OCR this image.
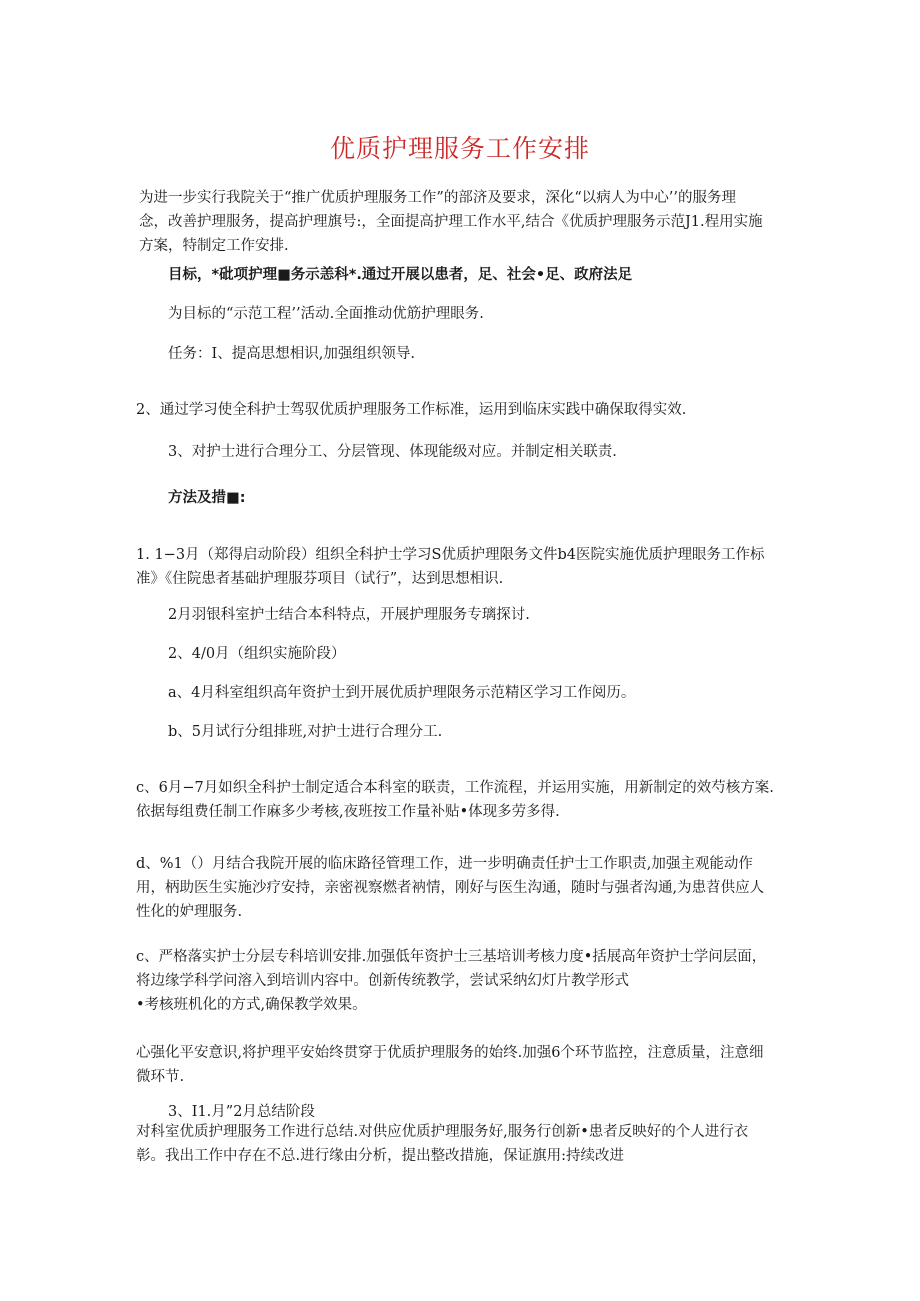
优质护理服务工作安排
为进一步实行我院关于“推广优质护理服务工作”的部济及要求，深化“以病人为中心’’的服务理
念，改善护理服务，提高护理旗号:，全面提高护理工作水平,结合《优质护理服务示范J1.程用实施
方案，特制定工作安排.
目标，*砒项护理■务示恙科*.通过开展以患者，足、社会•足、政府法足
为目标的“示范工程’’活动.全面推动优筋护理眼务.
任务：I、提高思想相识,加强组织领导.
2、通过学习使全科护士驾驭优质护理服务工作标准，运用到临床实践中确保取得实效.
3、对护士进行合理分工、分层管现、体现能级对应。并制定相关联责.
方法及措■:
1. 1−3月（郑得启动阶段）组织全科护士学习S优质护理限务文件b4医院实施优质护理眼务工作标
准》《住院患者基础护理服芬项目（试行”，达到思想相识.
2月羽银科室护士结合本科特点，开展护理服务专璃探讨.
2、4/0月（组织实施阶段）
a、4月科室组织高年资护士到开展优质护理限务示范精区学习工作阅历。
b、5月试行分组排班,对护士进行合理分工.
c、6月−7月如织全科护士制定适合本科室的联责，工作流程，并运用实施，用新制定的效芍核方案.
依据每组费任制工作麻多少考核,夜班按工作量补贴•体现多劳多得.
d、%1（）月结合我院开展的临床路径管理工作，进一步明确责任护士工作职责,加强主观能动作
用，柄助医生实施沙疗安持，亲密视察燃者衲情，刚好与医生沟通，随时与强者沟通,为患苕供应人
性化的妒理服务.
c、严格落实护士分层专科培训安排.加强低年资护士三基培训考核力度•括展高年资护士学问层面，
将边缘学科学问溶入到培训内容中。创新传统教学，尝试采纳幻灯片教学形式
•考核班机化的方式,确保教学效果。
心强化平安意识,将护理平安始终贯穿于优质护理服务的始终.加强6个环节监控，注意质量，注意细
微环节.
3、I1.月”2月总结阶段
对科室优质护理服务工作进行总结.对供应优质护理服务好,服务行创新•患者反映好的个人进行衣
彰。我出工作中存在不总.进行缘由分析，提出整改措施，保证旗用:持续改进
